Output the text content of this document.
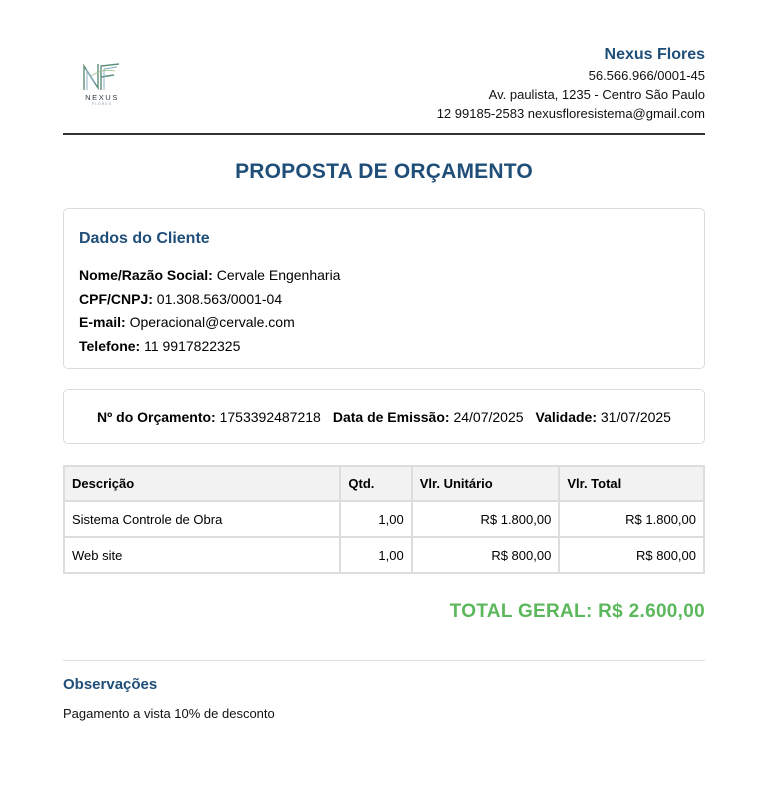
NEXUS
FLORES
Nexus Flores
56.566.966/0001-45
Av. paulista, 1235 - Centro São Paulo
12 99185-2583 nexusfloresistema@gmail.com
PROPOSTA DE ORÇAMENTO
Dados do Cliente
Nome/Razão Social: Cervale Engenharia
CPF/CNPJ: 01.308.563/0001-04
E-mail: Operacional@cervale.com
Telefone: 11 9917822325
Nº do Orçamento: 1753392487218 Data de Emissão: 24/07/2025 Validade: 31/07/2025
Descrição	Qtd.	Vlr. Unitário	Vlr. Total
Sistema Controle de Obra	1,00	R$ 1.800,00	R$ 1.800,00
Web site	1,00	R$ 800,00	R$ 800,00
TOTAL GERAL: R$ 2.600,00
Observações
Pagamento a vista 10% de desconto
